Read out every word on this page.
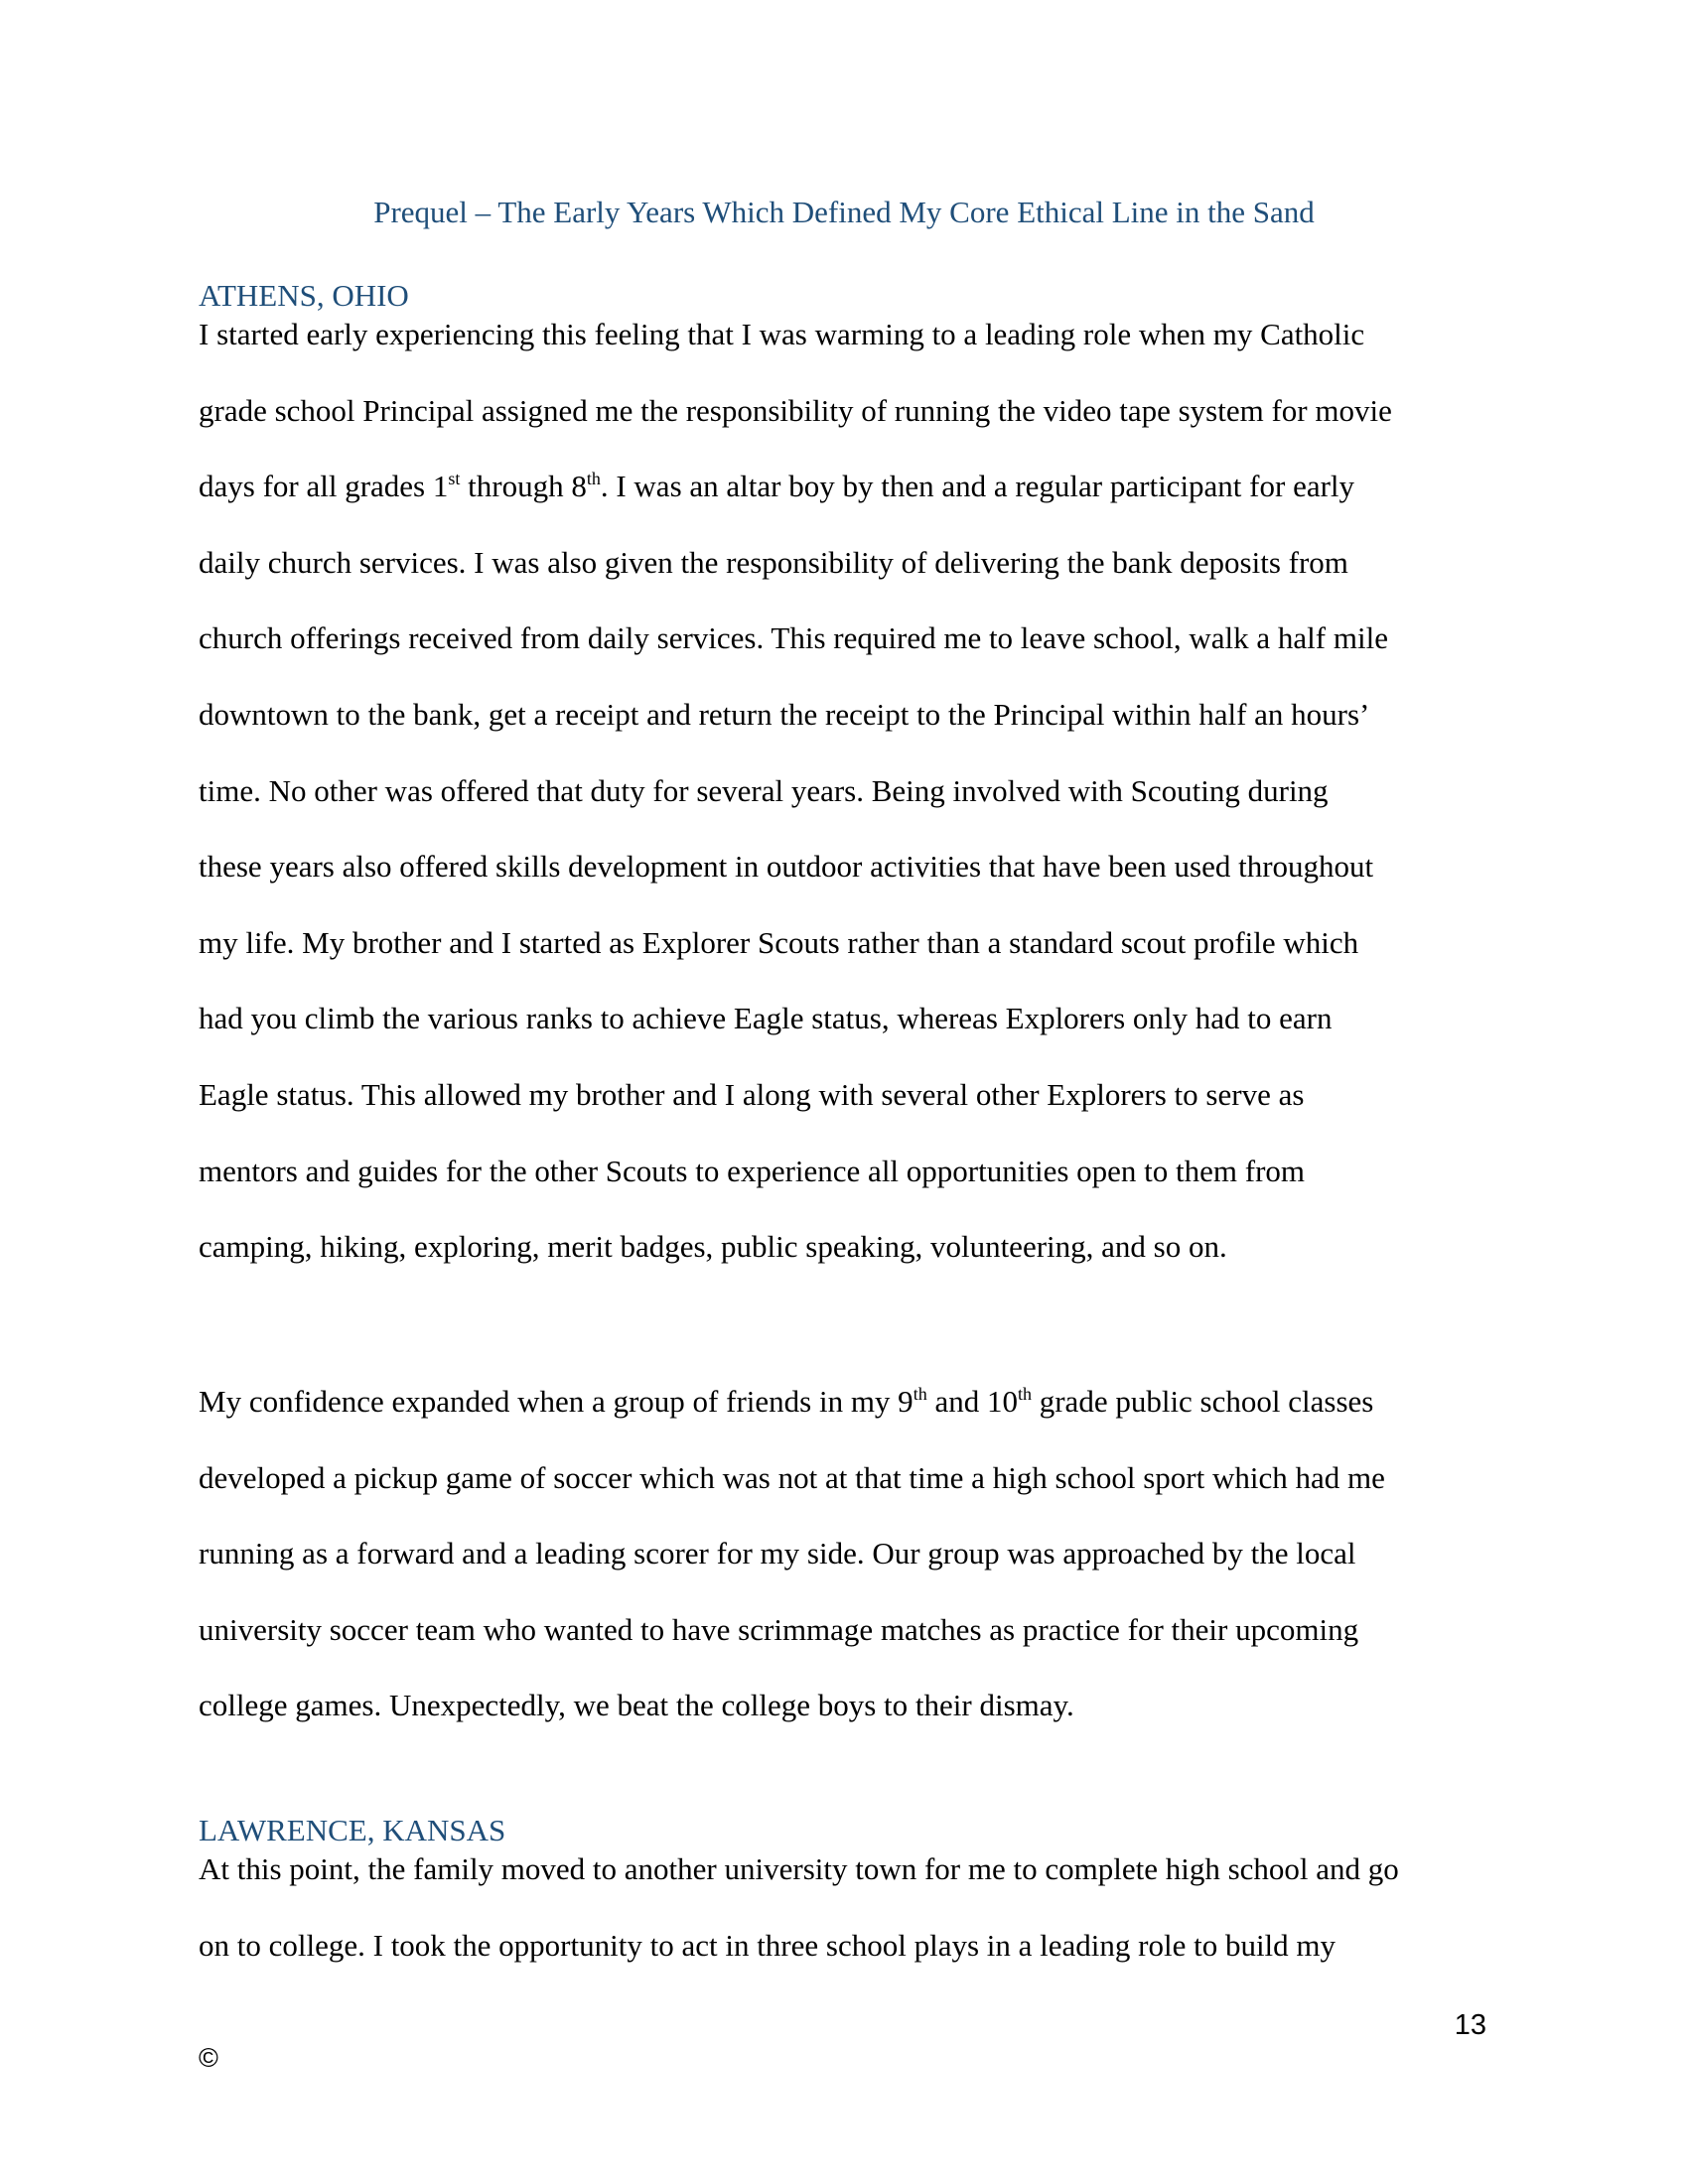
Prequel – The Early Years Which Defined My Core Ethical Line in the Sand
ATHENS, OHIO
I started early experiencing this feeling that I was warming to a leading role when my Catholic
grade school Principal assigned me the responsibility of running the video tape system for movie
days for all grades 1st through 8th. I was an altar boy by then and a regular participant for early
daily church services. I was also given the responsibility of delivering the bank deposits from
church offerings received from daily services. This required me to leave school, walk a half mile
downtown to the bank, get a receipt and return the receipt to the Principal within half an hours’
time. No other was offered that duty for several years. Being involved with Scouting during
these years also offered skills development in outdoor activities that have been used throughout
my life. My brother and I started as Explorer Scouts rather than a standard scout profile which
had you climb the various ranks to achieve Eagle status, whereas Explorers only had to earn
Eagle status. This allowed my brother and I along with several other Explorers to serve as
mentors and guides for the other Scouts to experience all opportunities open to them from
camping, hiking, exploring, merit badges, public speaking, volunteering, and so on.
My confidence expanded when a group of friends in my 9th and 10th grade public school classes
developed a pickup game of soccer which was not at that time a high school sport which had me
running as a forward and a leading scorer for my side. Our group was approached by the local
university soccer team who wanted to have scrimmage matches as practice for their upcoming
college games. Unexpectedly, we beat the college boys to their dismay.
LAWRENCE, KANSAS
At this point, the family moved to another university town for me to complete high school and go
on to college. I took the opportunity to act in three school plays in a leading role to build my
13
©
